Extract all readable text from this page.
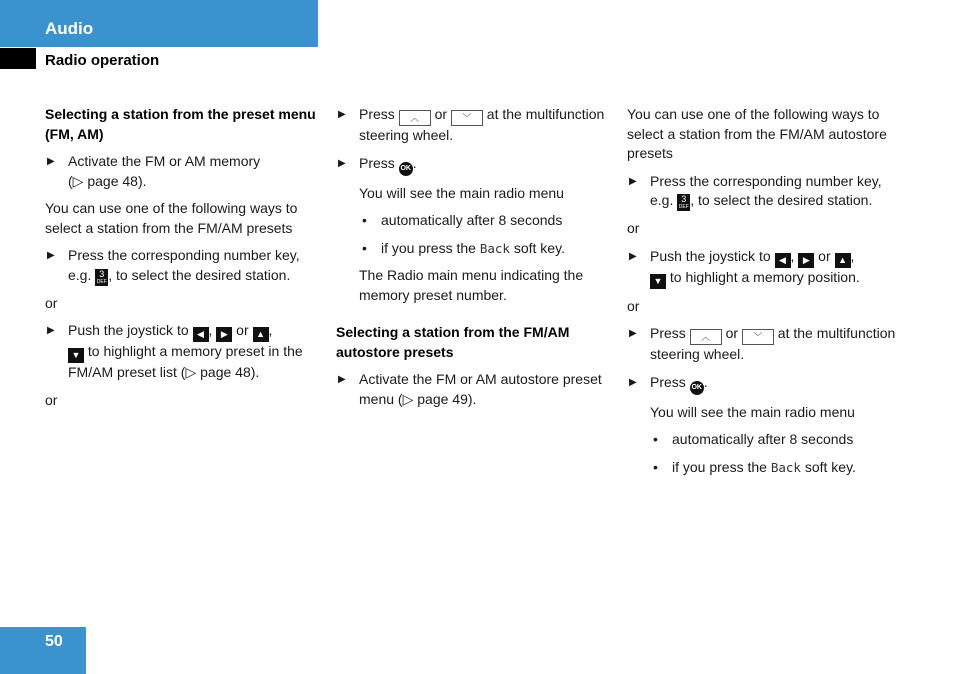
Audio
Radio operation

Selecting a station from the preset menu (FM, AM)

▶ Activate the FM or AM memory
(▷ page 48).

You can use one of the following ways to select a station from the FM/AM presets

▶ Press the corresponding number key,
e.g. 3
DEF , to select the desired station.

or

▶ Push the joystick to ◀ , ▶ or ▲ ,
▼ to highlight a memory preset in the FM/AM preset list (▷ page 48).

or

▶ Press ︿ or ﹀ at the multifunction steering wheel.
▶ Press OK .

You will see the main radio menu

• automatically after 8 seconds
• if you press the Back soft key.

The Radio main menu indicating the memory preset number.

Selecting a station from the FM/AM autostore presets

▶ Activate the FM or AM autostore preset menu (▷ page 49).

You can use one of the following ways to select a station from the FM/AM autostore presets

▶ Press the corresponding number key,
e.g. 3
DEF , to select the desired station.

or

▶ Push the joystick to ◀ , ▶ or ▲ ,
▼ to highlight a memory position.

or

▶ Press ︿ or ﹀ at the multifunction steering wheel.
▶ Press OK .

You will see the main radio menu

• automatically after 8 seconds
• if you press the Back soft key.
50
